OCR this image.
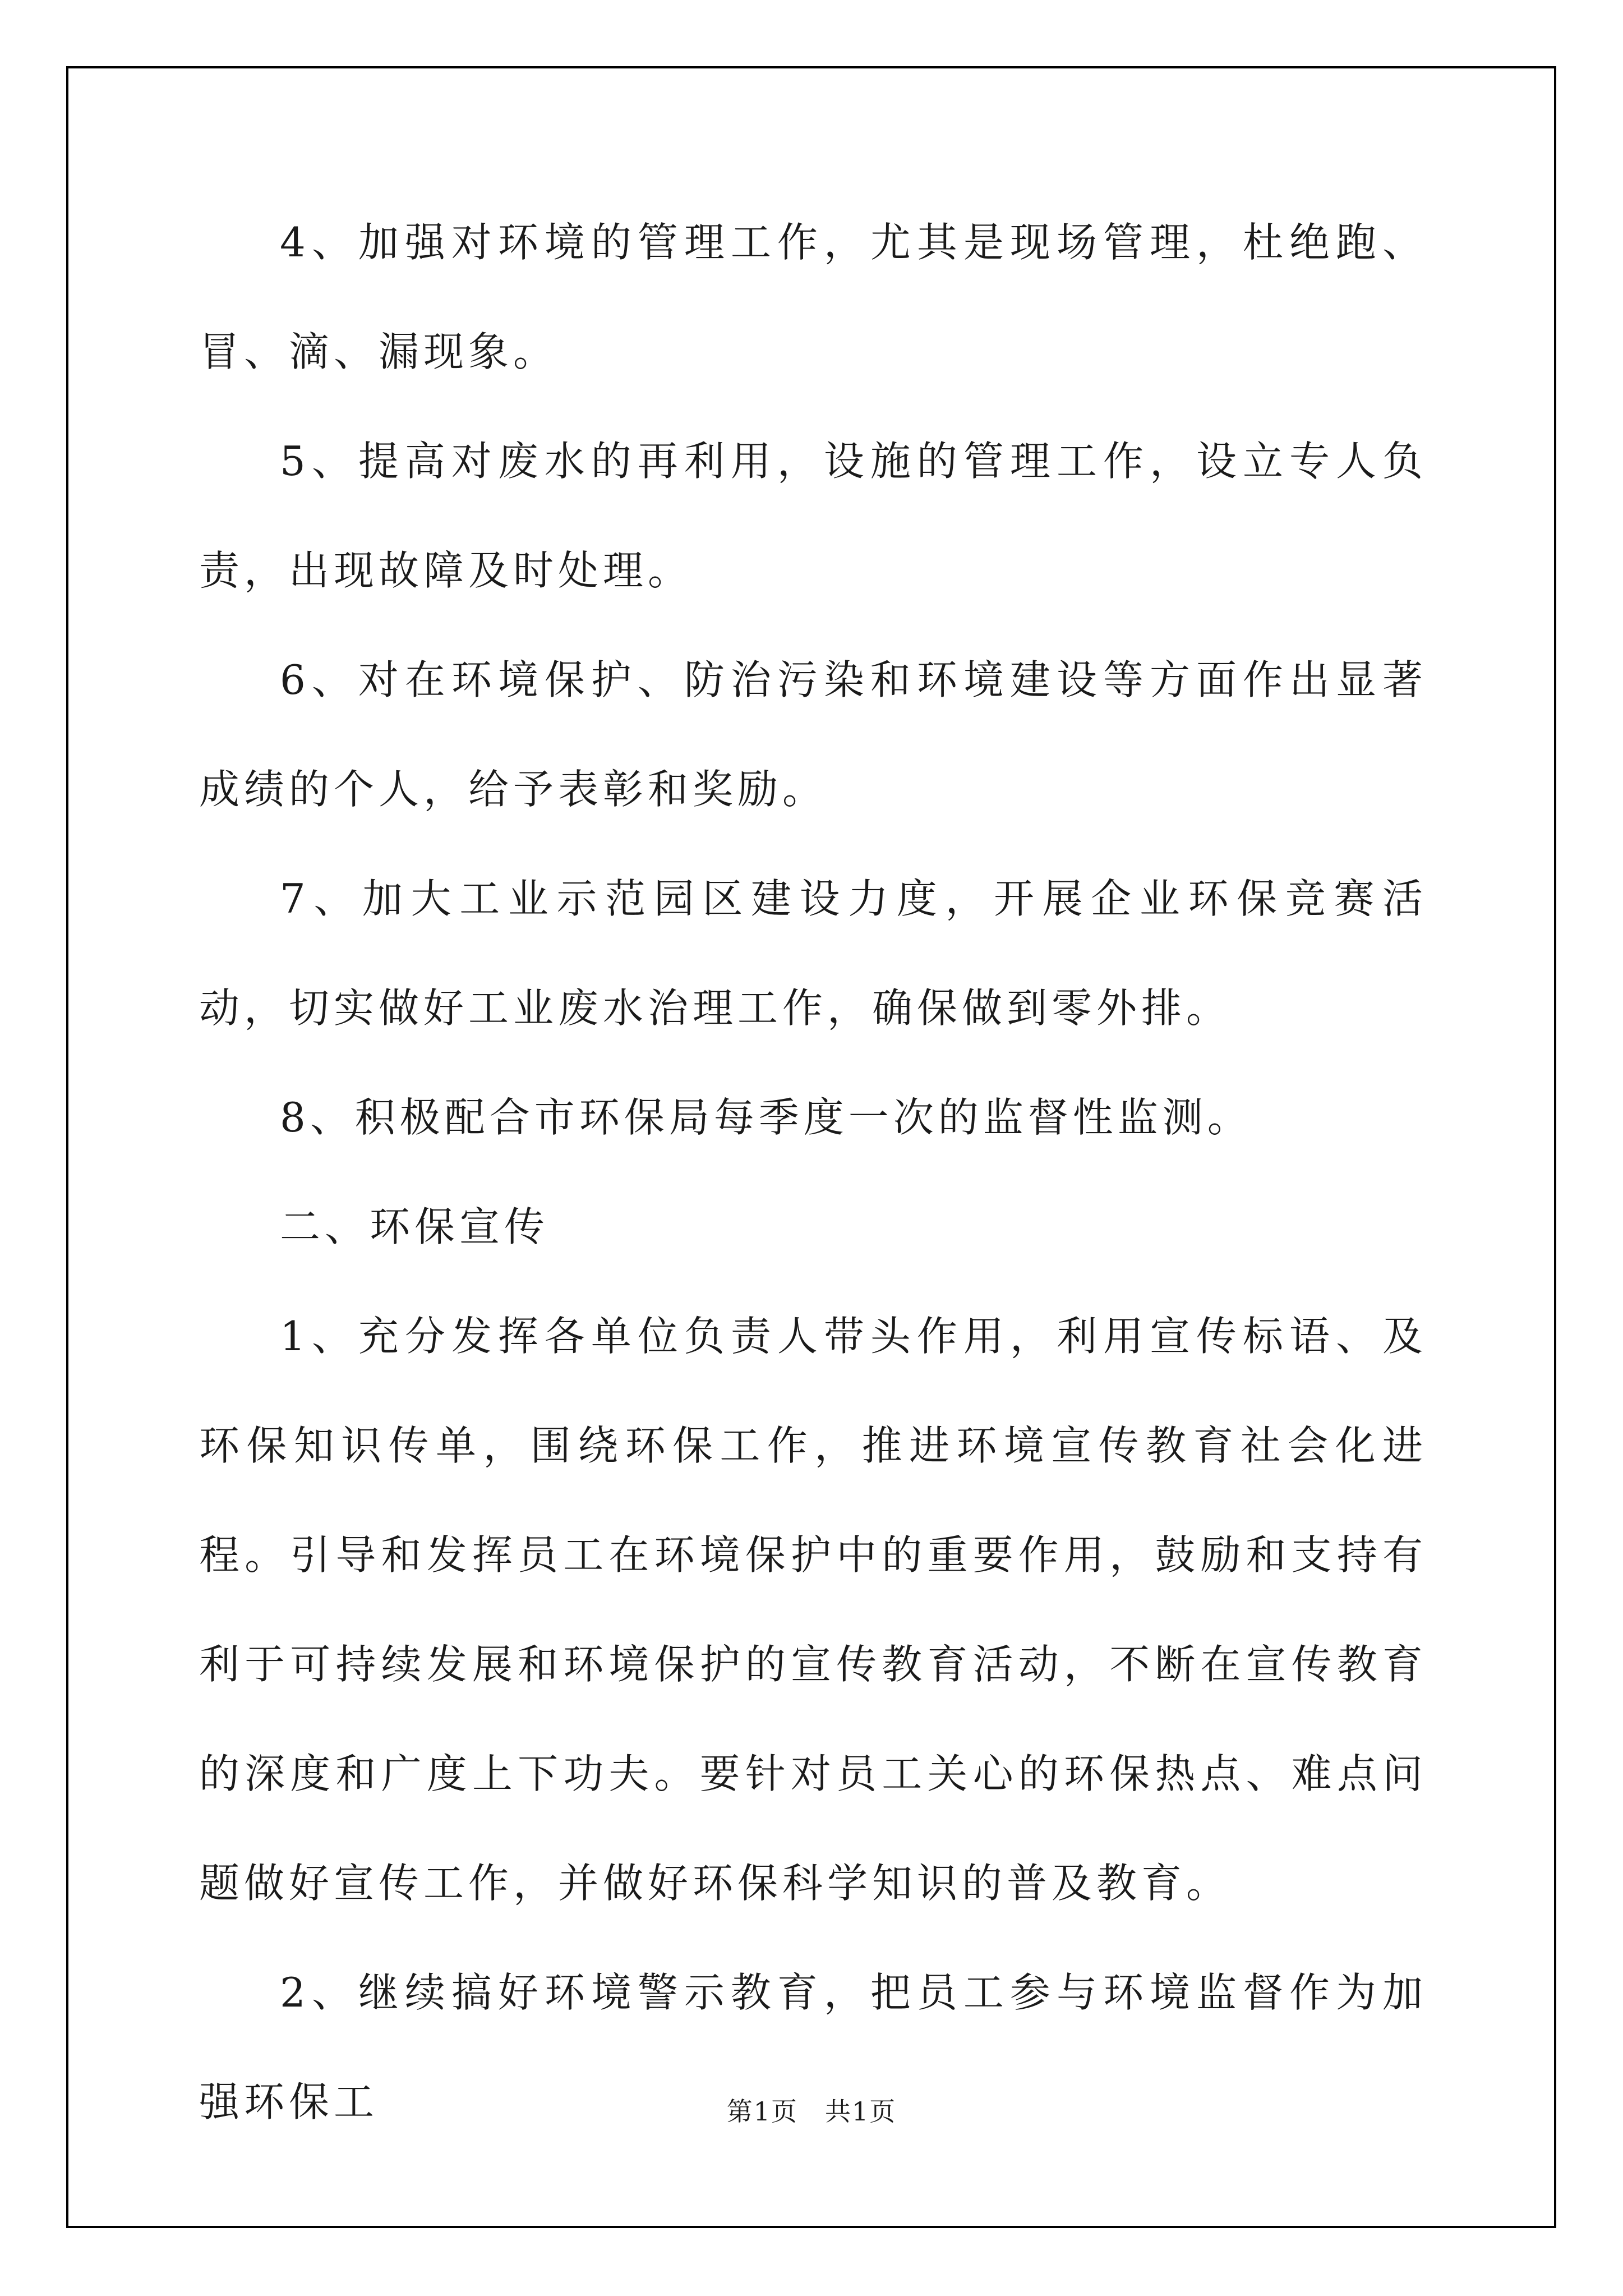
4、加强对环境的管理工作，尤其是现场管理，杜绝跑、冒、滴、漏现象。

5、提高对废水的再利用，设施的管理工作，设立专人负责，出现故障及时处理。

6、对在环境保护、防治污染和环境建设等方面作出显著成绩的个人，给予表彰和奖励。

7、加大工业示范园区建设力度，开展企业环保竞赛活动，切实做好工业废水治理工作，确保做到零外排。

8、积极配合市环保局每季度一次的监督性监测。

二、环保宣传

1、充分发挥各单位负责人带头作用，利用宣传标语、及环保知识传单，围绕环保工作，推进环境宣传教育社会化进程。引导和发挥员工在环境保护中的重要作用，鼓励和支持有利于可持续发展和环境保护的宣传教育活动，不断在宣传教育的深度和广度上下功夫。要针对员工关心的环保热点、难点问题做好宣传工作，并做好环保科学知识的普及教育。

2、继续搞好环境警示教育，把员工参与环境监督作为加强环保工	第1页　共1页
